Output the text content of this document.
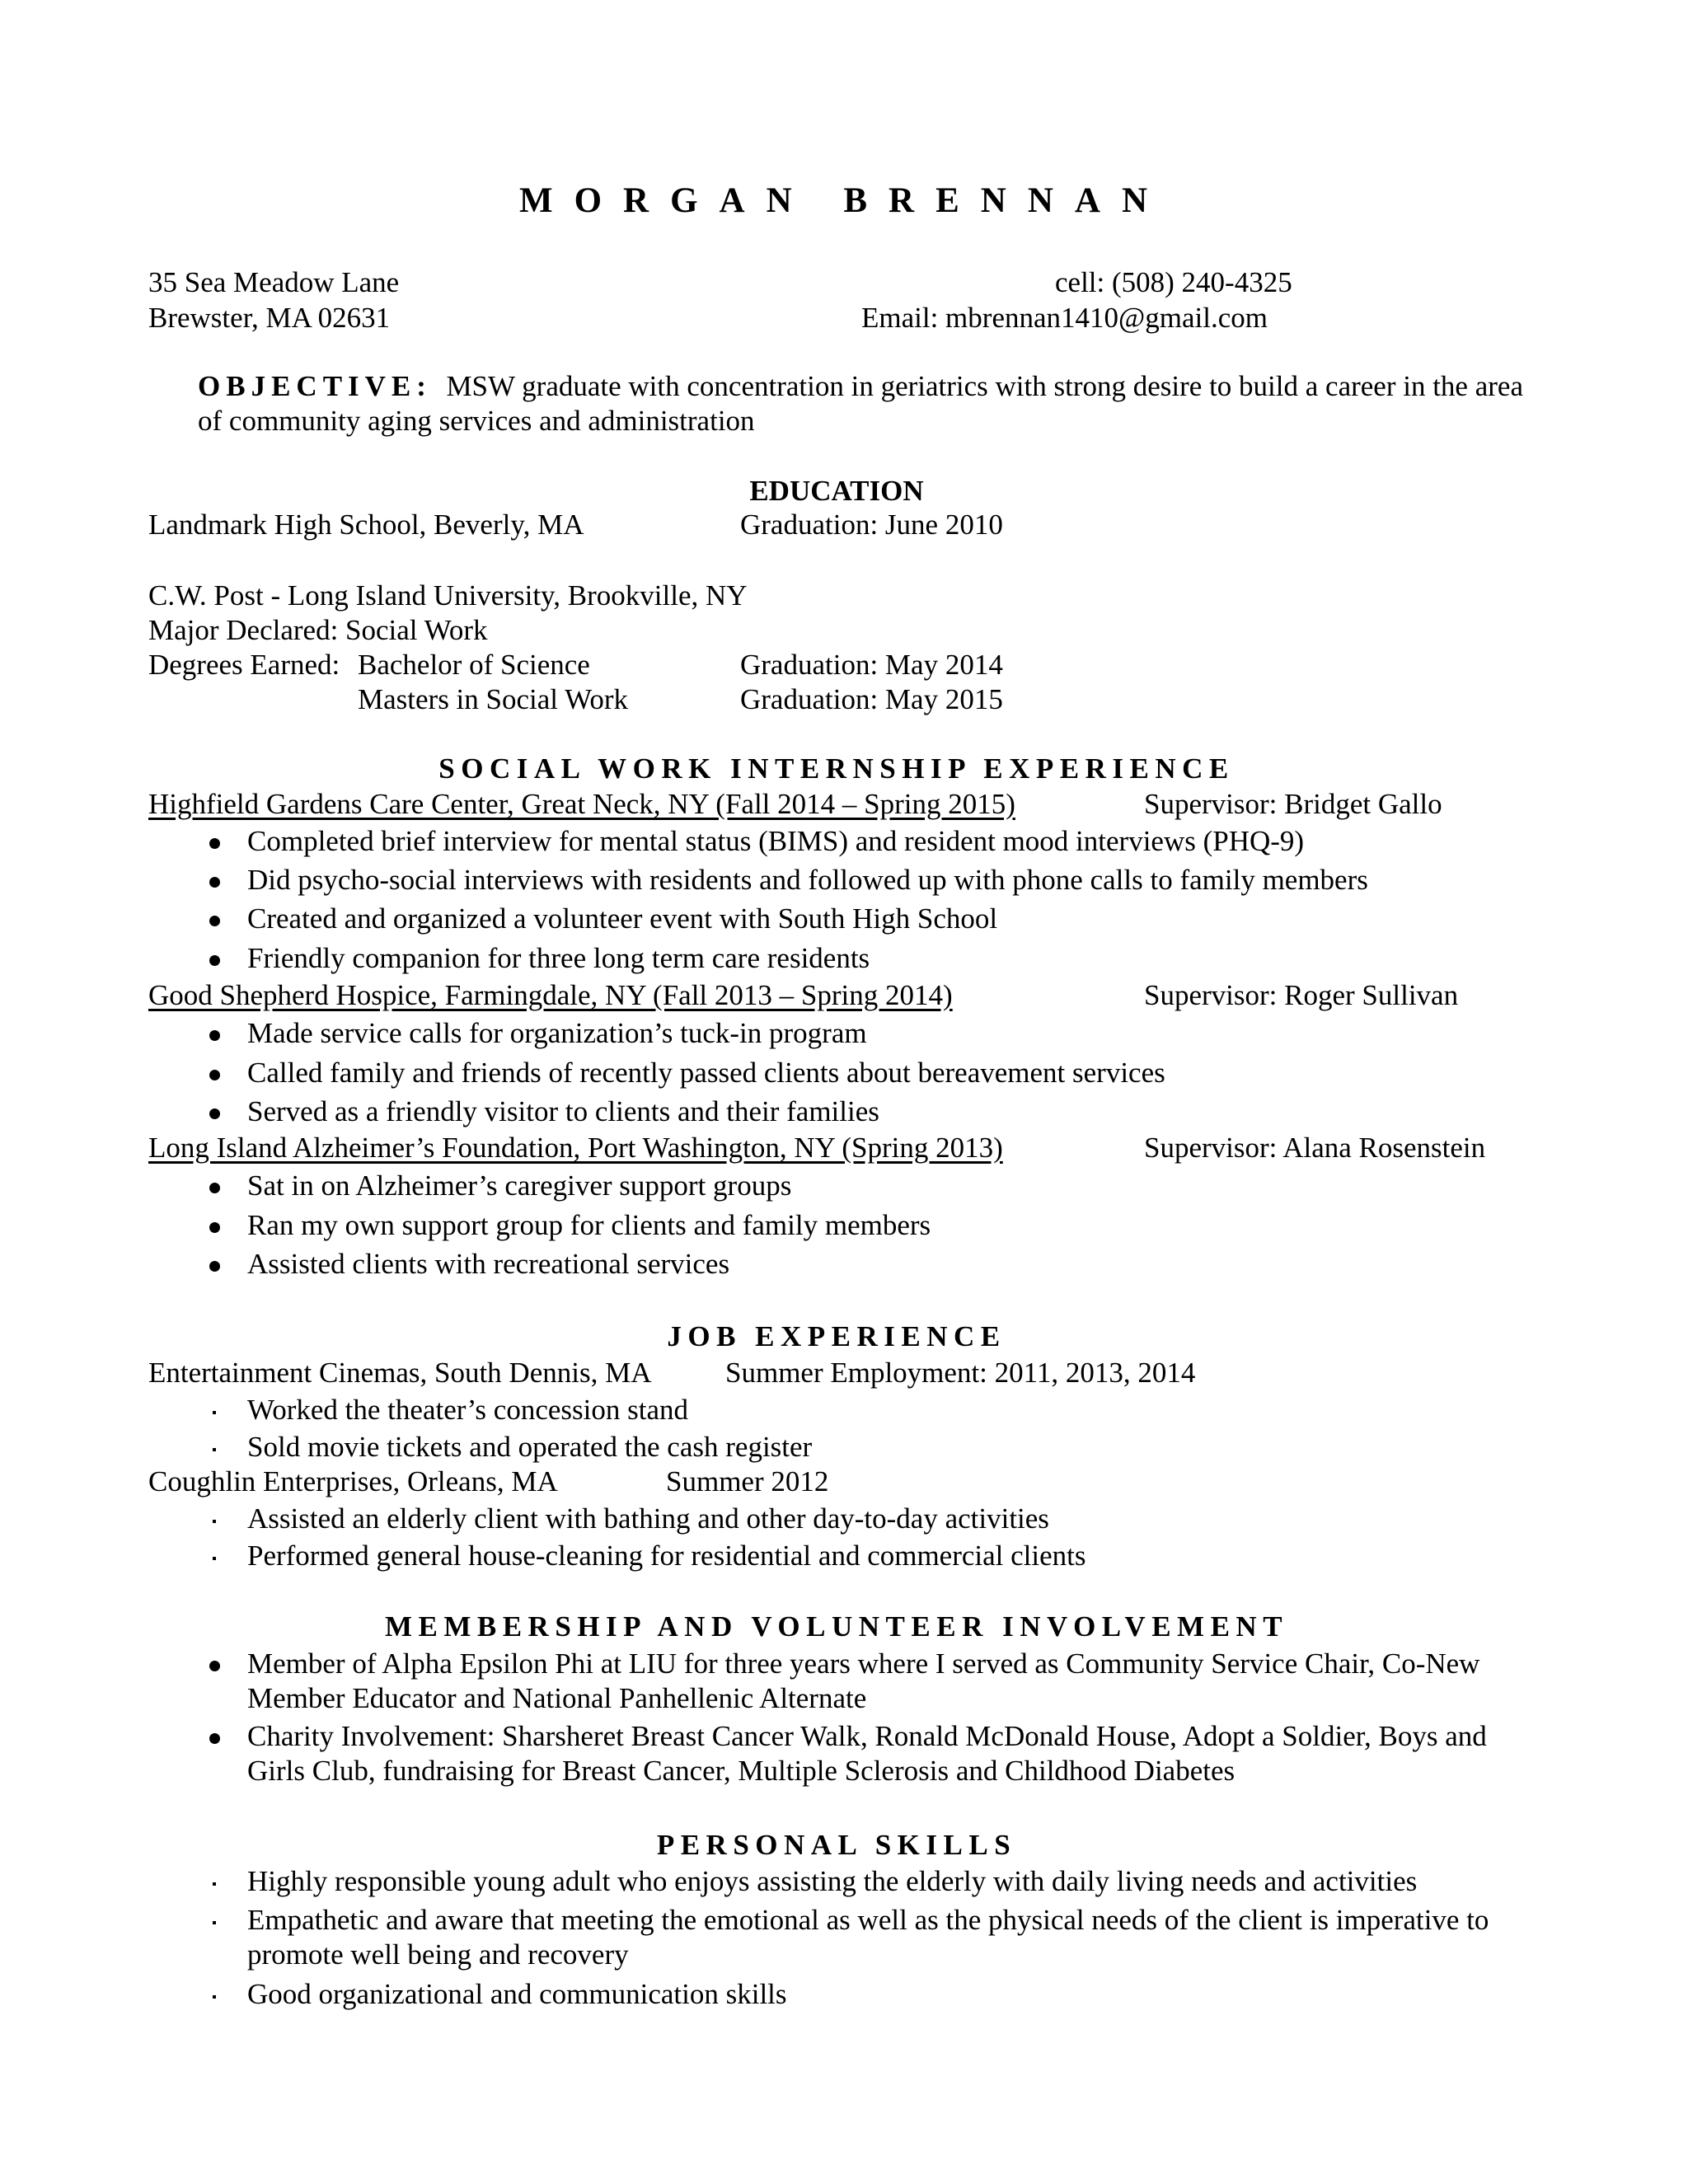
MORGAN BRENNAN
35 Sea Meadow Lane
Brewster, MA 02631
cell: (508) 240-4325
Email: mbrennan1410@gmail.com
OBJECTIVE: MSW graduate with concentration in geriatrics with strong desire to build a career in the area of community aging services and administration
EDUCATION
Landmark High School, Beverly, MA	Graduation: June 2010
C.W. Post - Long Island University, Brookville, NY
Major Declared: Social Work
Degrees Earned: Bachelor of Science	Graduation: May 2014
Masters in Social Work	Graduation: May 2015
SOCIAL WORK INTERNSHIP EXPERIENCE
Highfield Gardens Care Center, Great Neck, NY (Fall 2014 – Spring 2015)	Supervisor: Bridget Gallo
Completed brief interview for mental status (BIMS) and resident mood interviews (PHQ-9)
Did psycho-social interviews with residents and followed up with phone calls to family members
Created and organized a volunteer event with South High School
Friendly companion for three long term care residents
Good Shepherd Hospice, Farmingdale, NY (Fall 2013 – Spring 2014)	Supervisor: Roger Sullivan
Made service calls for organization’s tuck-in program
Called family and friends of recently passed clients about bereavement services
Served as a friendly visitor to clients and their families
Long Island Alzheimer’s Foundation, Port Washington, NY (Spring 2013)	Supervisor: Alana Rosenstein
Sat in on Alzheimer’s caregiver support groups
Ran my own support group for clients and family members
Assisted clients with recreational services
JOB EXPERIENCE
Entertainment Cinemas, South Dennis, MA	Summer Employment: 2011, 2013, 2014
Worked the theater’s concession stand
Sold movie tickets and operated the cash register
Coughlin Enterprises, Orleans, MA	Summer 2012
Assisted an elderly client with bathing and other day-to-day activities
Performed general house-cleaning for residential and commercial clients
MEMBERSHIP AND VOLUNTEER INVOLVEMENT
Member of Alpha Epsilon Phi at LIU for three years where I served as Community Service Chair, Co-New Member Educator and National Panhellenic Alternate
Charity Involvement: Sharsheret Breast Cancer Walk, Ronald McDonald House, Adopt a Soldier, Boys and Girls Club, fundraising for Breast Cancer, Multiple Sclerosis and Childhood Diabetes
PERSONAL SKILLS
Highly responsible young adult who enjoys assisting the elderly with daily living needs and activities
Empathetic and aware that meeting the emotional as well as the physical needs of the client is imperative to promote well being and recovery
Good organizational and communication skills
